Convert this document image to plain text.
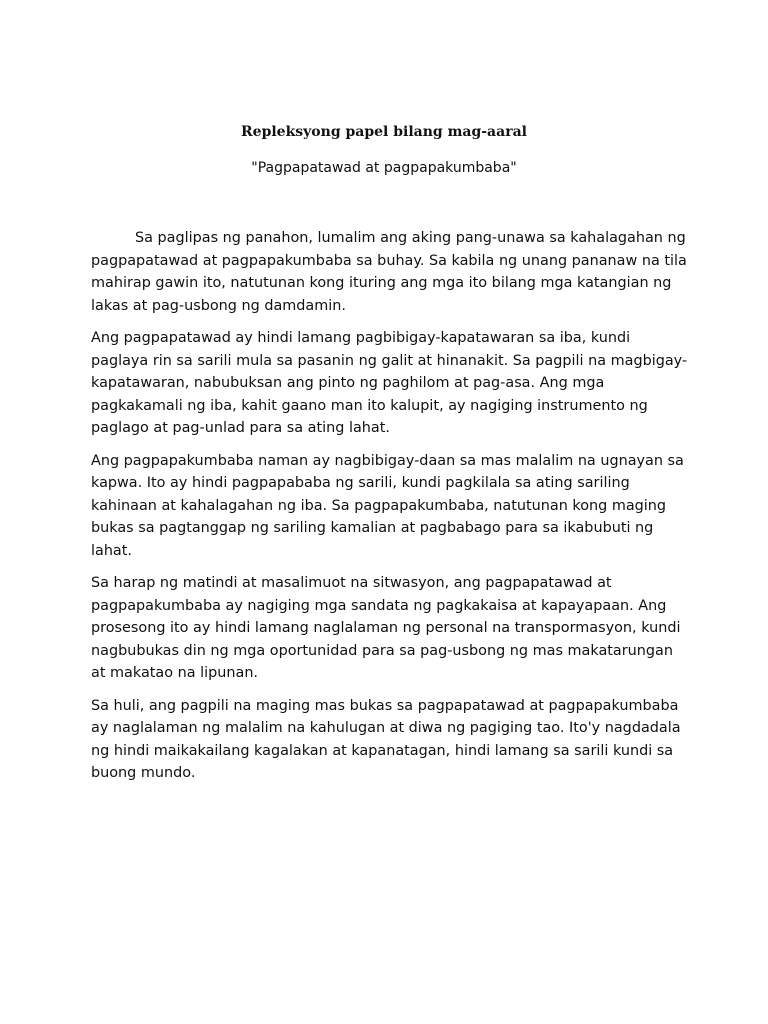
Repleksyong papel bilang mag-aaral

"Pagpapatawad at pagpapakumbaba"

Sa paglipas ng panahon, lumalim ang aking pang-unawa sa kahalagahan ng pagpapatawad at pagpapakumbaba sa buhay. Sa kabila ng unang pananaw na tila mahirap gawin ito, natutunan kong ituring ang mga ito bilang mga katangian ng lakas at pag-usbong ng damdamin.

Ang pagpapatawad ay hindi lamang pagbibigay-kapatawaran sa iba, kundi paglaya rin sa sarili mula sa pasanin ng galit at hinanakit. Sa pagpili na magbigay-kapatawaran, nabubuksan ang pinto ng paghilom at pag-asa. Ang mga pagkakamali ng iba, kahit gaano man ito kalupit, ay nagiging instrumento ng paglago at pag-unlad para sa ating lahat.

Ang pagpapakumbaba naman ay nagbibigay-daan sa mas malalim na ugnayan sa kapwa. Ito ay hindi pagpapababa ng sarili, kundi pagkilala sa ating sariling kahinaan at kahalagahan ng iba. Sa pagpapakumbaba, natutunan kong maging bukas sa pagtanggap ng sariling kamalian at pagbabago para sa ikabubuti ng lahat.

Sa harap ng matindi at masalimuot na sitwasyon, ang pagpapatawad at pagpapakumbaba ay nagiging mga sandata ng pagkakaisa at kapayapaan. Ang prosesong ito ay hindi lamang naglalaman ng personal na transpormasyon, kundi nagbubukas din ng mga oportunidad para sa pag-usbong ng mas makatarungan at makatao na lipunan.

Sa huli, ang pagpili na maging mas bukas sa pagpapatawad at pagpapakumbaba ay naglalaman ng malalim na kahulugan at diwa ng pagiging tao. Ito'y nagdadala ng hindi maikakailang kagalakan at kapanatagan, hindi lamang sa sarili kundi sa buong mundo.
